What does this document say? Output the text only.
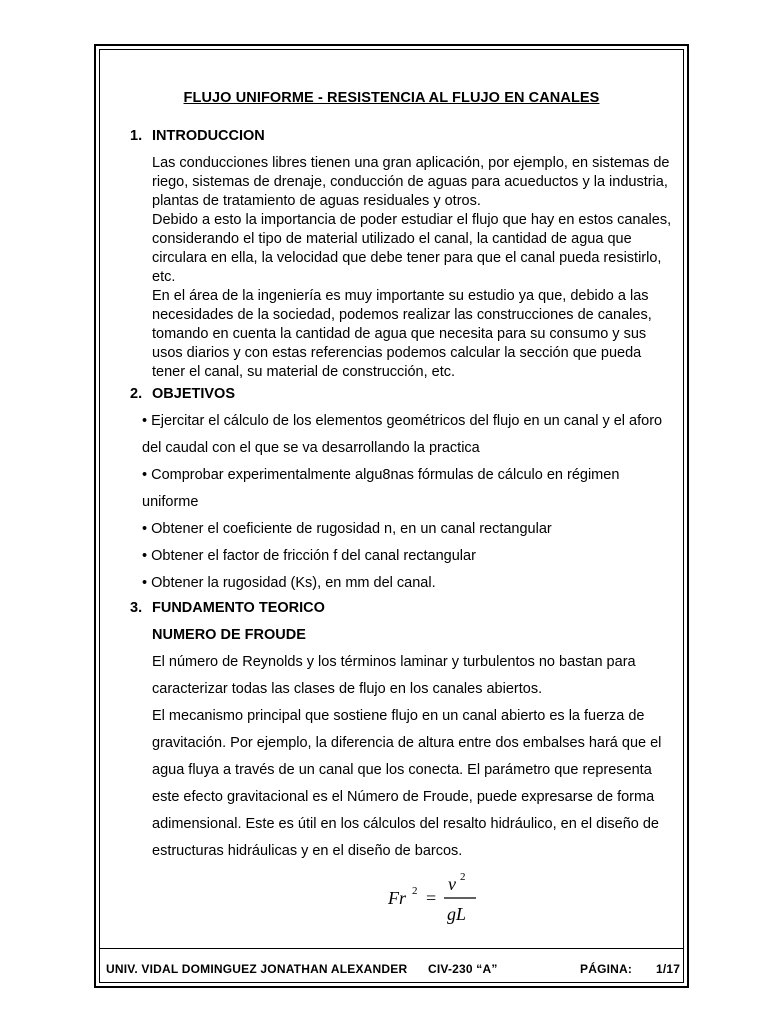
FLUJO UNIFORME - RESISTENCIA AL FLUJO EN CANALES
1. INTRODUCCION

Las conducciones libres tienen una gran aplicación, por ejemplo, en sistemas de

riego, sistemas de drenaje, conducción de aguas para acueductos y la industria,

plantas de tratamiento de aguas residuales y otros.

Debido a esto la importancia de poder estudiar el flujo que hay en estos canales,

considerando el tipo de material utilizado el canal, la cantidad de agua que

circulara en ella, la velocidad que debe tener para que el canal pueda resistirlo,

etc.

En el área de la ingeniería es muy importante su estudio ya que, debido a las

necesidades de la sociedad, podemos realizar las construcciones de canales,

tomando en cuenta la cantidad de agua que necesita para su consumo y sus

usos diarios y con estas referencias podemos calcular la sección que pueda

tener el canal, su material de construcción, etc.

2. OBJETIVOS
• Ejercitar el cálculo de los elementos geométricos del flujo en un canal y el aforo
del caudal con el que se va desarrollando la practica
• Comprobar experimentalmente algu8nas fórmulas de cálculo en régimen
uniforme
• Obtener el coeficiente de rugosidad n, en un canal rectangular
• Obtener el factor de fricción f del canal rectangular
• Obtener la rugosidad (Ks), en mm del canal.
3. FUNDAMENTO TEORICO
NUMERO DE FROUDE

El número de Reynolds y los términos laminar y turbulentos no bastan para

caracterizar todas las clases de flujo en los canales abiertos.

El mecanismo principal que sostiene flujo en un canal abierto es la fuerza de

gravitación. Por ejemplo, la diferencia de altura entre dos embalses hará que el

agua fluya a través de un canal que los conecta. El parámetro que representa

este efecto gravitacional es el Número de Froude, puede expresarse de forma

adimensional. Este es útil en los cálculos del resalto hidráulico, en el diseño de

estructuras hidráulicas y en el diseño de barcos.

Fr 2 =
v 2
gL
UNIV. VIDAL DOMINGUEZ JONATHAN ALEXANDER CIV-230 “A”	PÁGINA: 1/17
